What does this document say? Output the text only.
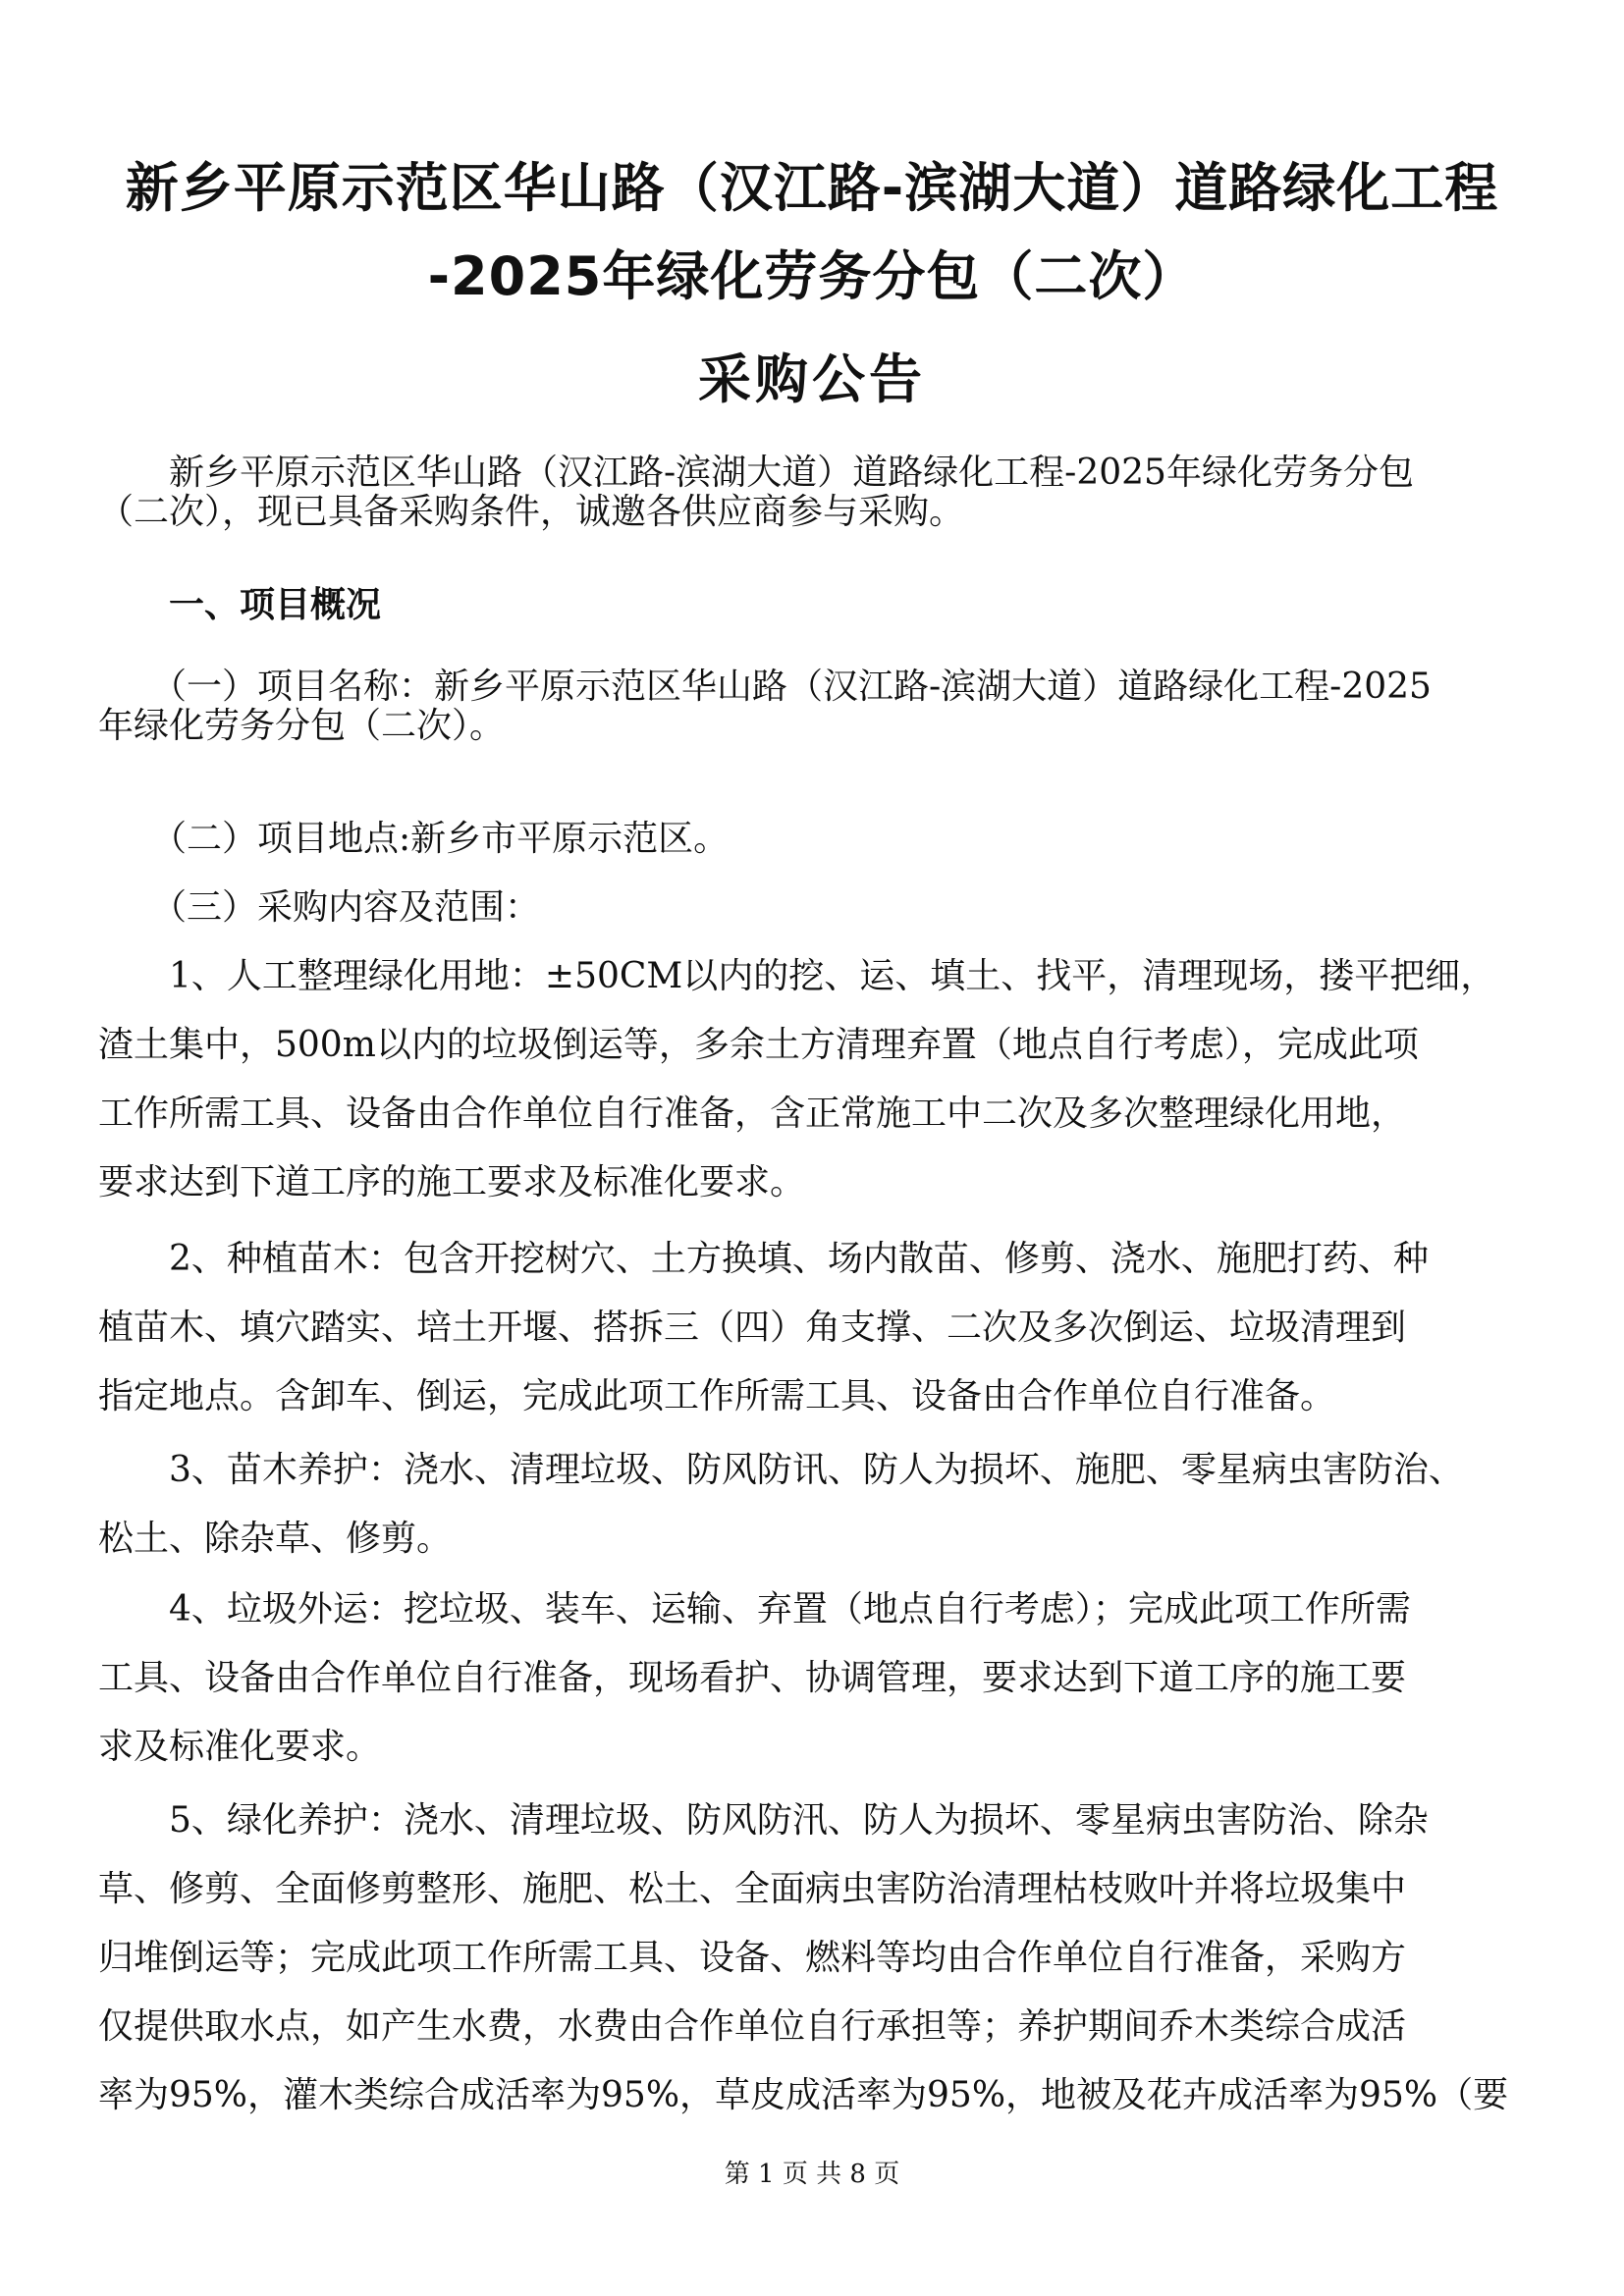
新乡平原示范区华山路（汉江路-滨湖大道）道路绿化工程
-2025年绿化劳务分包（二次）
采购公告
　　新乡平原示范区华山路（汉江路-滨湖大道）道路绿化工程-2025年绿化劳务分包
（二次），现已具备采购条件，诚邀各供应商参与采购。
　　一、项目概况
　　（一）项目名称：新乡平原示范区华山路（汉江路-滨湖大道）道路绿化工程-2025
年绿化劳务分包（二次）。
　　（二）项目地点:新乡市平原示范区。
　　（三）采购内容及范围：
　　1、人工整理绿化用地：±50CM以内的挖、运、填土、找平，清理现场，搂平把细，
渣土集中，500m以内的垃圾倒运等，多余土方清理弃置（地点自行考虑），完成此项
工作所需工具、设备由合作单位自行准备，含正常施工中二次及多次整理绿化用地，
要求达到下道工序的施工要求及标准化要求。
　　2、种植苗木：包含开挖树穴、土方换填、场内散苗、修剪、浇水、施肥打药、种
植苗木、填穴踏实、培土开堰、搭拆三（四）角支撑、二次及多次倒运、垃圾清理到
指定地点。含卸车、倒运，完成此项工作所需工具、设备由合作单位自行准备。
　　3、苗木养护：浇水、清理垃圾、防风防讯、防人为损坏、施肥、零星病虫害防治、
松土、除杂草、修剪。
　　4、垃圾外运：挖垃圾、装车、运输、弃置（地点自行考虑）；完成此项工作所需
工具、设备由合作单位自行准备，现场看护、协调管理，要求达到下道工序的施工要
求及标准化要求。
　　5、绿化养护：浇水、清理垃圾、防风防汛、防人为损坏、零星病虫害防治、除杂
草、修剪、全面修剪整形、施肥、松土、全面病虫害防治清理枯枝败叶并将垃圾集中
归堆倒运等；完成此项工作所需工具、设备、燃料等均由合作单位自行准备，采购方
仅提供取水点，如产生水费，水费由合作单位自行承担等；养护期间乔木类综合成活
率为95%，灌木类综合成活率为95%，草皮成活率为95%，地被及花卉成活率为95%（要
第 1 页 共 8 页
